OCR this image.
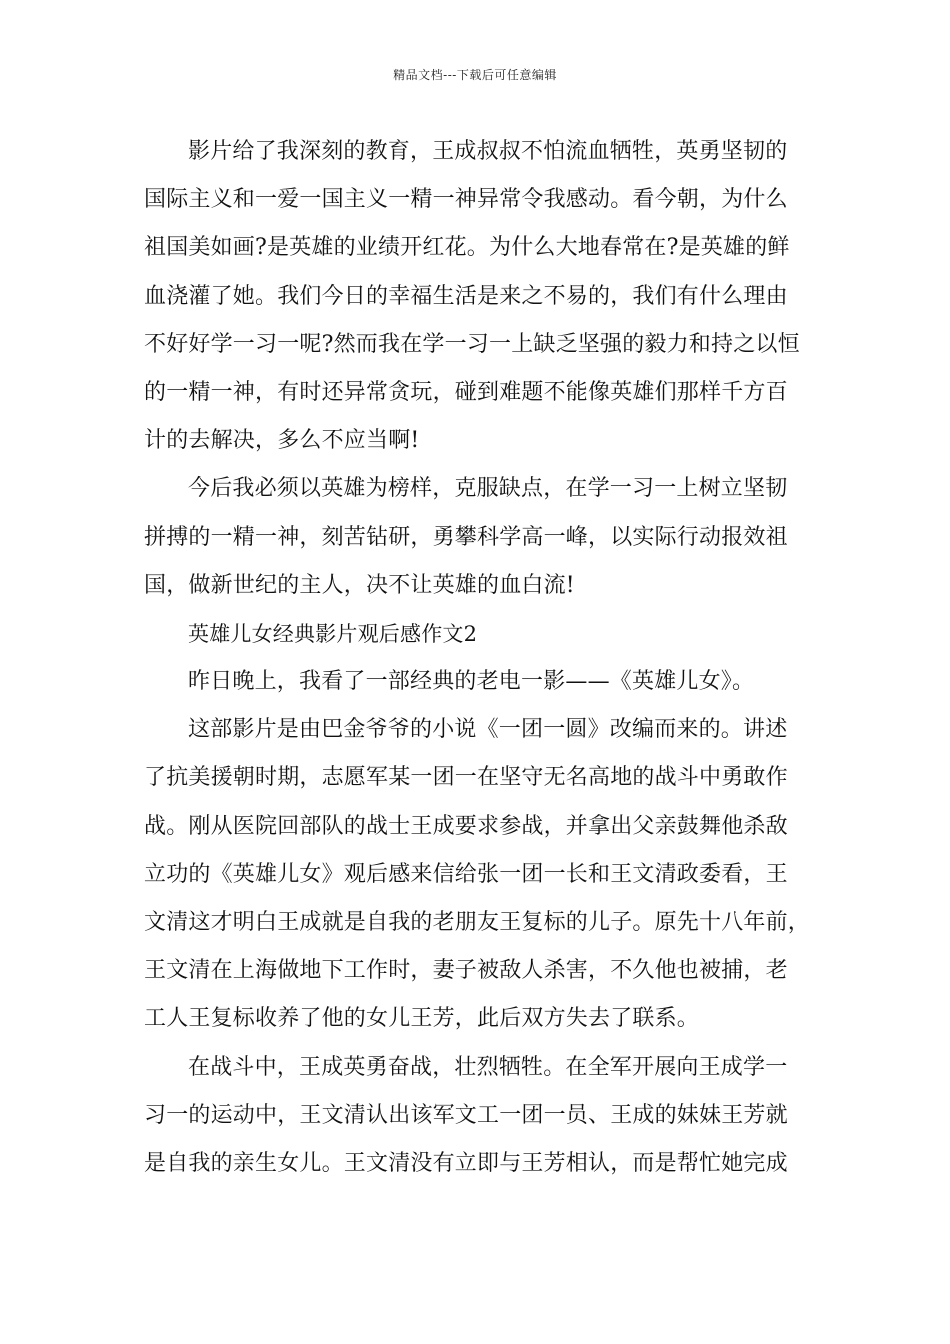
精品文档---下载后可任意编辑
影片给了我深刻的教育，王成叔叔不怕流血牺牲，英勇坚韧的
国际主义和一爱一国主义一精一神异常令我感动。看今朝，为什么
祖国美如画?是英雄的业绩开红花。为什么大地春常在?是英雄的鲜
血浇灌了她。我们今日的幸福生活是来之不易的，我们有什么理由
不好好学一习一呢?然而我在学一习一上缺乏坚强的毅力和持之以恒
的一精一神，有时还异常贪玩，碰到难题不能像英雄们那样千方百
计的去解决，多么不应当啊!
今后我必须以英雄为榜样，克服缺点，在学一习一上树立坚韧
拼搏的一精一神，刻苦钻研，勇攀科学高一峰，以实际行动报效祖
国，做新世纪的主人，决不让英雄的血白流!
英雄儿女经典影片观后感作文2
昨日晚上，我看了一部经典的老电一影——《英雄儿女》。
这部影片是由巴金爷爷的小说《一团一圆》改编而来的。讲述
了抗美援朝时期，志愿军某一团一在坚守无名高地的战斗中勇敢作
战。刚从医院回部队的战士王成要求参战，并拿出父亲鼓舞他杀敌
立功的《英雄儿女》观后感来信给张一团一长和王文清政委看，王
文清这才明白王成就是自我的老朋友王复标的儿子。原先十八年前，
王文清在上海做地下工作时，妻子被敌人杀害，不久他也被捕，老
工人王复标收养了他的女儿王芳，此后双方失去了联系。
在战斗中，王成英勇奋战，壮烈牺牲。在全军开展向王成学一
习一的运动中，王文清认出该军文工一团一员、王成的妹妹王芳就
是自我的亲生女儿。王文清没有立即与王芳相认，而是帮忙她完成
